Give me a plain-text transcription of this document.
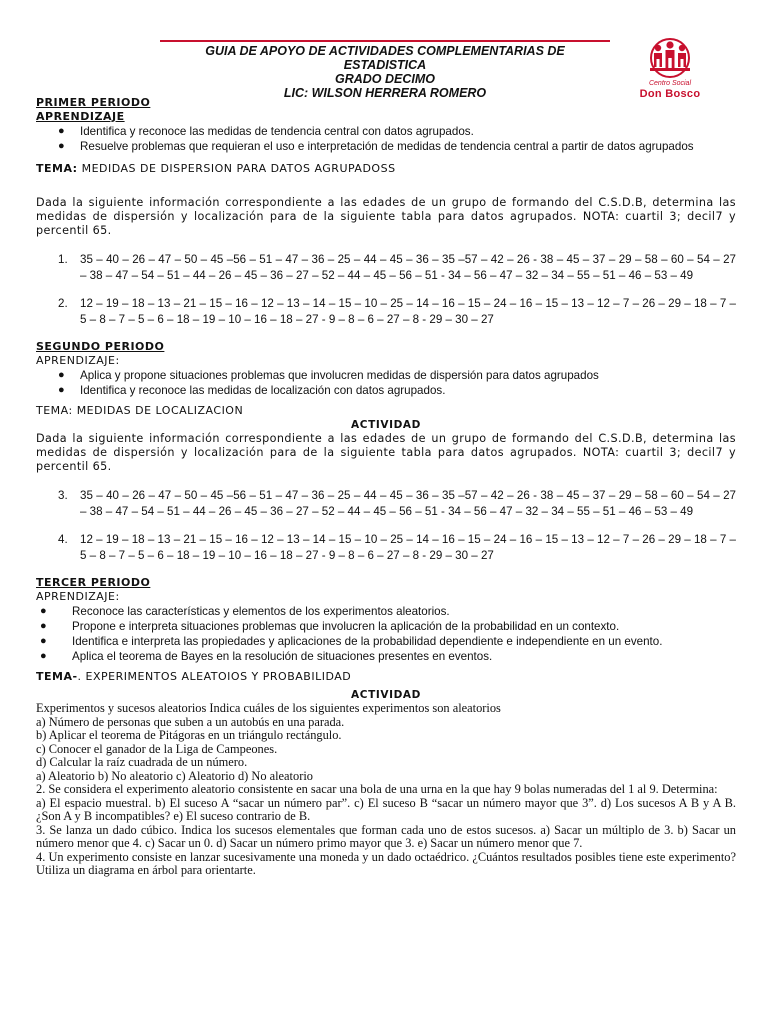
GUIA DE APOYO DE ACTIVIDADES COMPLEMENTARIAS DE
ESTADISTICA
GRADO DECIMO
LIC: WILSON HERRERA ROMERO
Centro Social
Don Bosco
PRIMER PERIODO
APRENDIZAJE
● Identifica y reconoce las medidas de tendencia central con datos agrupados.
● Resuelve problemas que requieran el uso e interpretación de medidas de tendencia central a partir de datos agrupados
TEMA: MEDIDAS DE DISPERSION PARA DATOS AGRUPADOSS
Dada la siguiente información correspondiente a las edades de un grupo de formando del C.S.D.B, determina las medidas de dispersión y localización para de la siguiente tabla para datos agrupados. NOTA: cuartil 3; decil7 y percentil 65.
1. 35 – 40 – 26 – 47 – 50 – 45 –56 – 51 – 47 – 36 – 25 – 44 – 45 – 36 – 35 –57 – 42 – 26 - 38 – 45 – 37 – 29 – 58 – 60 – 54 – 27 – 38 – 47 – 54 – 51 – 44 – 26 – 45 – 36 – 27 – 52 – 44 – 45 – 56 – 51 - 34 – 56 – 47 – 32 – 34 – 55 – 51 – 46 – 53 – 49
2. 12 – 19 – 18 – 13 – 21 – 15 – 16 – 12 – 13 – 14 – 15 – 10 – 25 – 14 – 16 – 15 – 24 – 16 – 15 – 13 – 12 – 7 – 26 – 29 – 18 – 7 – 5 – 8 – 7 – 5 – 6 – 18 – 19 – 10 – 16 – 18 – 27 - 9 – 8 – 6 – 27 – 8 - 29 – 30 – 27
SEGUNDO PERIODO
APRENDIZAJE:
● Aplica y propone situaciones problemas que involucren medidas de dispersión para datos agrupados
● Identifica y reconoce las medidas de localización con datos agrupados.
TEMA: MEDIDAS DE LOCALIZACION
ACTIVIDAD
Dada la siguiente información correspondiente a las edades de un grupo de formando del C.S.D.B, determina las medidas de dispersión y localización para de la siguiente tabla para datos agrupados. NOTA: cuartil 3; decil7 y percentil 65.
3. 35 – 40 – 26 – 47 – 50 – 45 –56 – 51 – 47 – 36 – 25 – 44 – 45 – 36 – 35 –57 – 42 – 26 - 38 – 45 – 37 – 29 – 58 – 60 – 54 – 27 – 38 – 47 – 54 – 51 – 44 – 26 – 45 – 36 – 27 – 52 – 44 – 45 – 56 – 51 - 34 – 56 – 47 – 32 – 34 – 55 – 51 – 46 – 53 – 49
4. 12 – 19 – 18 – 13 – 21 – 15 – 16 – 12 – 13 – 14 – 15 – 10 – 25 – 14 – 16 – 15 – 24 – 16 – 15 – 13 – 12 – 7 – 26 – 29 – 18 – 7 – 5 – 8 – 7 – 5 – 6 – 18 – 19 – 10 – 16 – 18 – 27 - 9 – 8 – 6 – 27 – 8 - 29 – 30 – 27
TERCER PERIODO
APRENDIZAJE:
● Reconoce las características y elementos de los experimentos aleatorios.
● Propone e interpreta situaciones problemas que involucren la aplicación de la probabilidad en un contexto.
● Identifica e interpreta las propiedades y aplicaciones de la probabilidad dependiente e independiente en un evento.
● Aplica el teorema de Bayes en la resolución de situaciones presentes en eventos.
TEMA-. EXPERIMENTOS ALEATOIOS Y PROBABILIDAD
ACTIVIDAD
Experimentos y sucesos aleatorios Indica cuáles de los siguientes experimentos son aleatorios
a) Número de personas que suben a un autobús en una parada.
b) Aplicar el teorema de Pitágoras en un triángulo rectángulo.
c) Conocer el ganador de la Liga de Campeones.
d) Calcular la raíz cuadrada de un número.
a) Aleatorio b) No aleatorio c) Aleatorio d) No aleatorio
2. Se considera el experimento aleatorio consistente en sacar una bola de una urna en la que hay 9 bolas numeradas del 1 al 9. Determina:
a) El espacio muestral. b) El suceso A “sacar un número par”. c) El suceso B “sacar un número mayor que 3”. d) Los sucesos A B y A B. ¿Son A y B incompatibles? e) El suceso contrario de B.
3. Se lanza un dado cúbico. Indica los sucesos elementales que forman cada uno de estos sucesos. a) Sacar un múltiplo de 3. b) Sacar un número menor que 4. c) Sacar un 0. d) Sacar un número primo mayor que 3. e) Sacar un número menor que 7.
4. Un experimento consiste en lanzar sucesivamente una moneda y un dado octaédrico. ¿Cuántos resultados posibles tiene este experimento? Utiliza un diagrama en árbol para orientarte.
